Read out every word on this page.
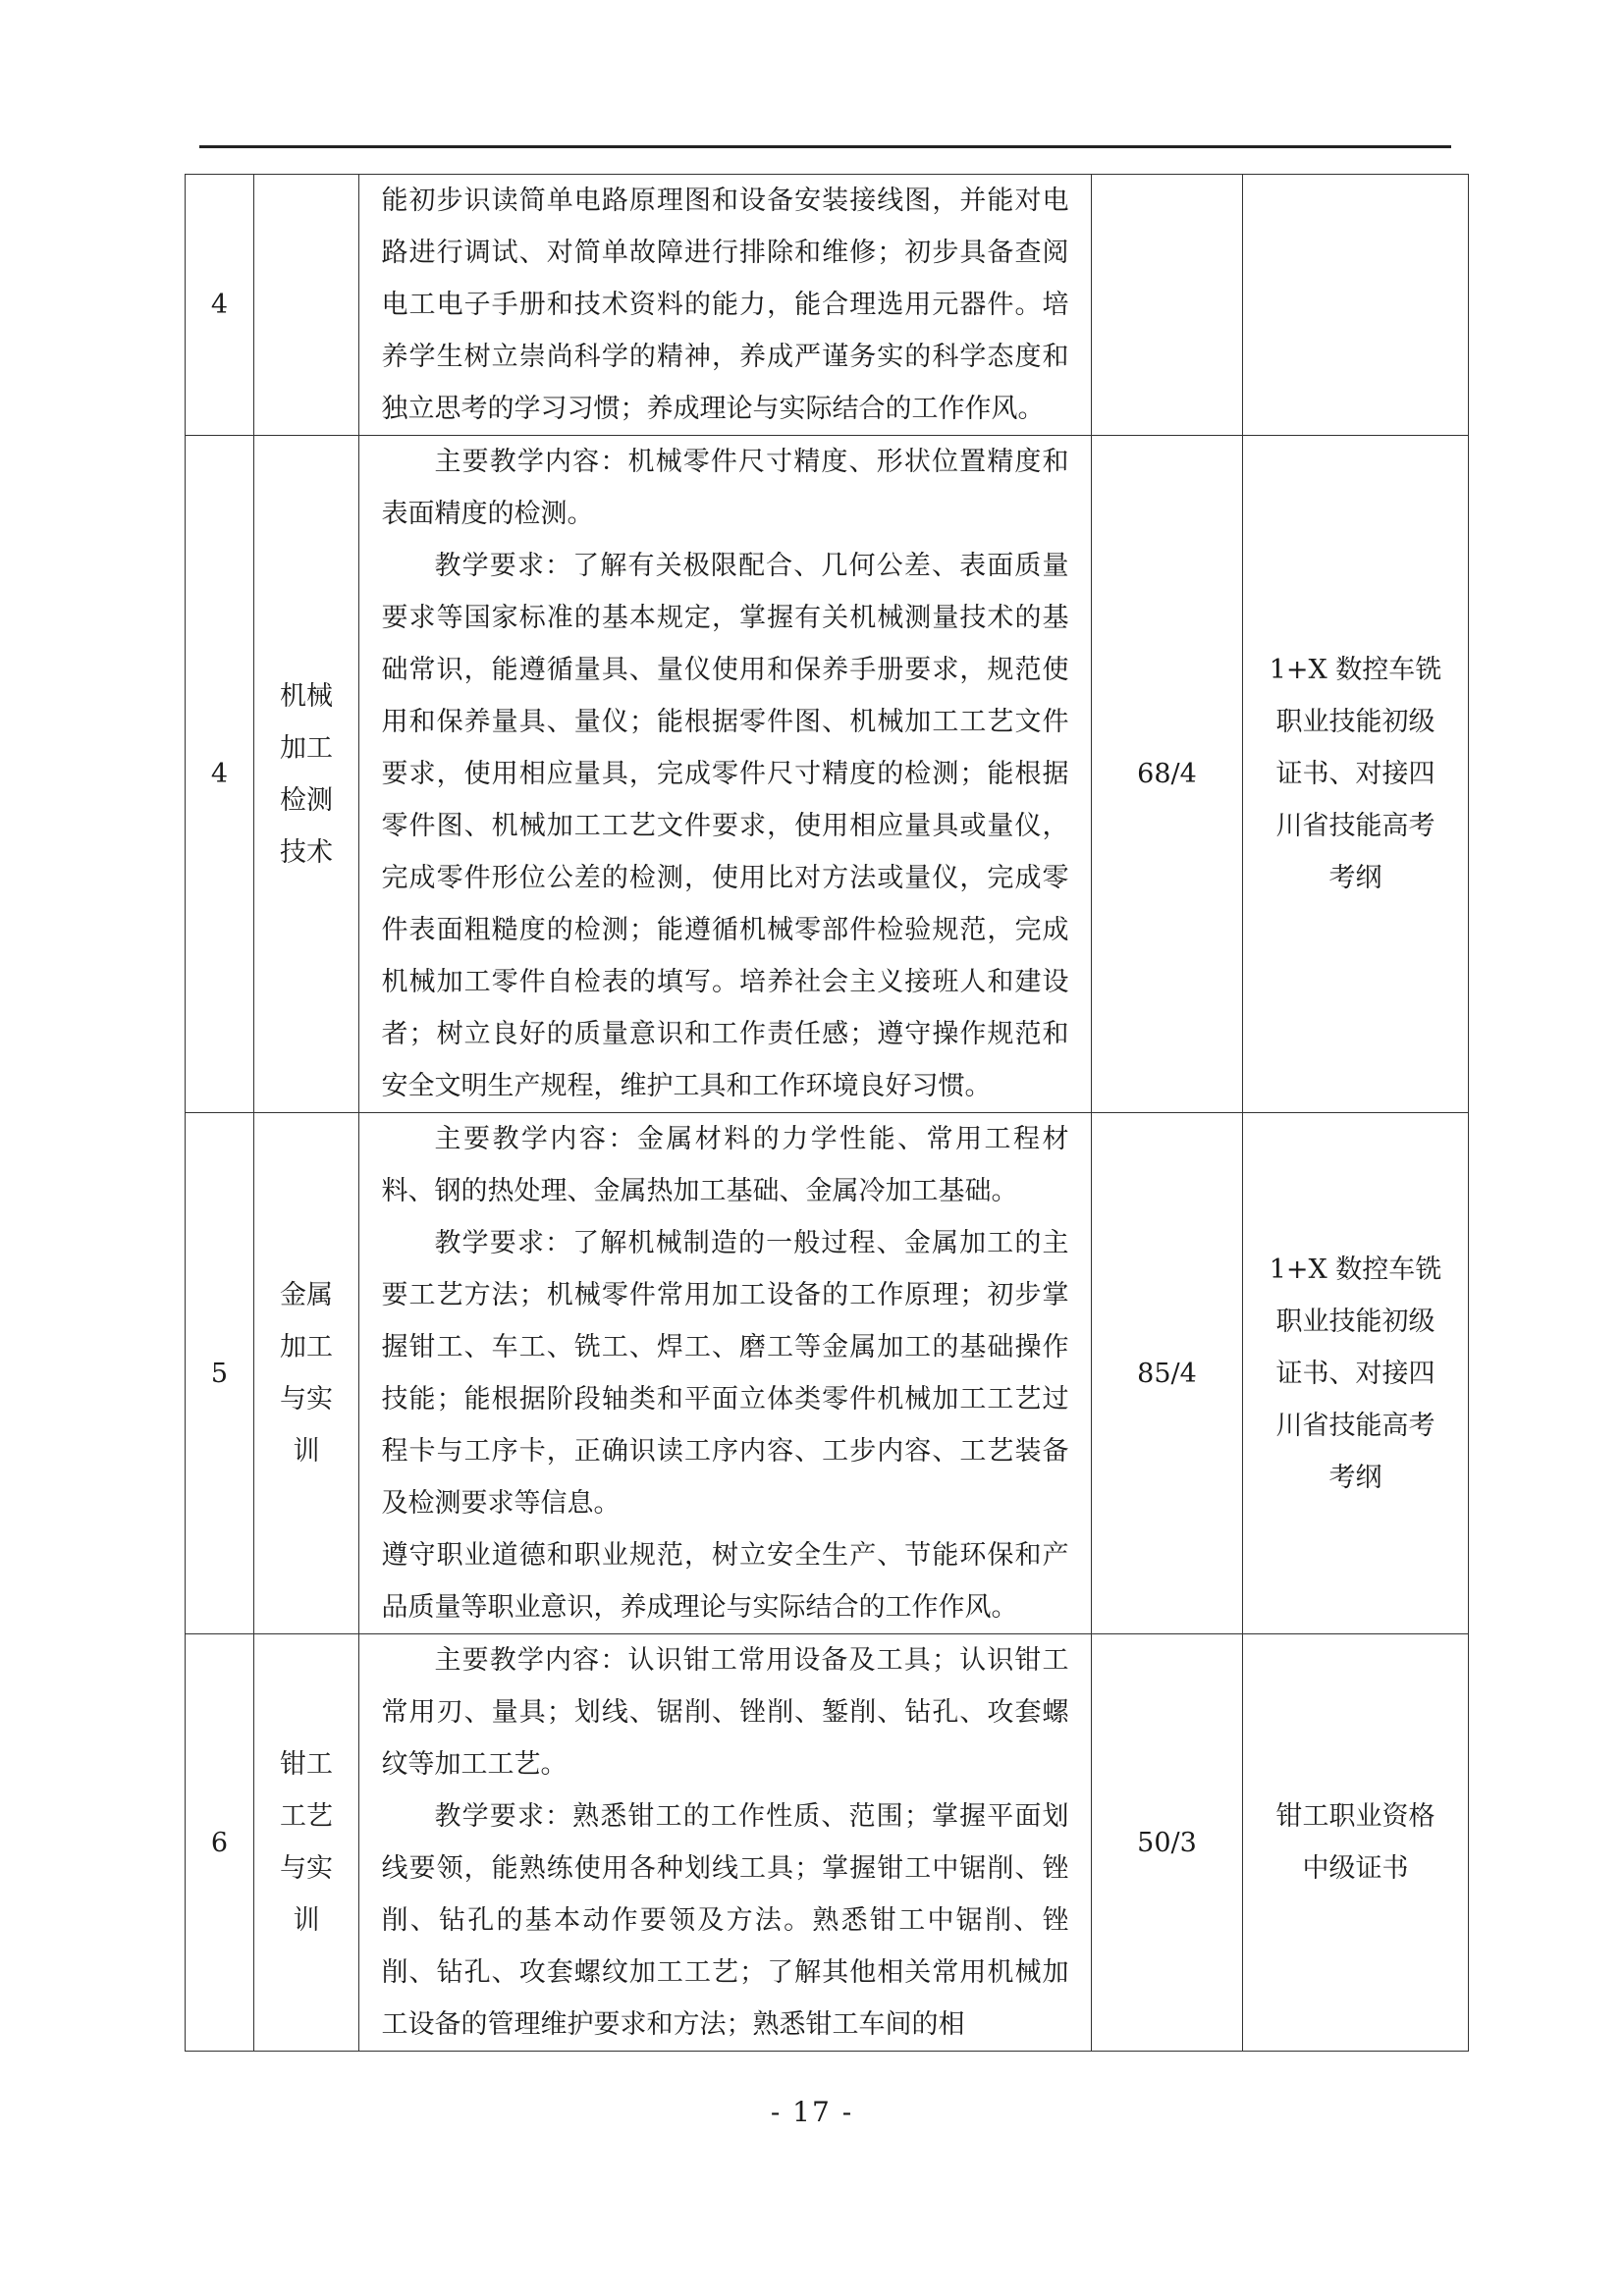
4		能初步识读简单电路原理图和设备安装接线图，并能对电路进行调试、对简单故障进行排除和维修；初步具备查阅电工电子手册和技术资料的能力，能合理选用元器件。培养学生树立崇尚科学的精神，养成严谨务实的科学态度和独立思考的学习习惯；养成理论与实际结合的工作作风。		

4	机械加工检测技术	主要教学内容：机械零件尺寸精度、形状位置精度和表面精度的检测。

教学要求：了解有关极限配合、几何公差、表面质量要求等国家标准的基本规定，掌握有关机械测量技术的基础常识，能遵循量具、量仪使用和保养手册要求，规范使用和保养量具、量仪；能根据零件图、机械加工工艺文件要求，使用相应量具，完成零件尺寸精度的检测；能根据零件图、机械加工工艺文件要求，使用相应量具或量仪，完成零件形位公差的检测，使用比对方法或量仪，完成零件表面粗糙度的检测；能遵循机械零部件检验规范，完成机械加工零件自检表的填写。培养社会主义接班人和建设者；树立良好的质量意识和工作责任感；遵守操作规范和安全文明生产规程，维护工具和工作环境良好习惯。	68/4	1+X 数控车铣职业技能初级证书、对接四川省技能高考考纲
5	金属加工与实训	主要教学内容：金属材料的力学性能、常用工程材料、钢的热处理、金属热加工基础、金属冷加工基础。

教学要求：了解机械制造的一般过程、金属加工的主要工艺方法；机械零件常用加工设备的工作原理；初步掌握钳工、车工、铣工、焊工、磨工等金属加工的基础操作技能；能根据阶段轴类和平面立体类零件机械加工工艺过程卡与工序卡，正确识读工序内容、工步内容、工艺装备及检测要求等信息。

遵守职业道德和职业规范，树立安全生产、节能环保和产品质量等职业意识，养成理论与实际结合的工作作风。	85/4	1+X 数控车铣职业技能初级证书、对接四川省技能高考考纲
6	钳工工艺与实训	主要教学内容：认识钳工常用设备及工具；认识钳工常用刃、量具；划线、锯削、锉削、錾削、钻孔、攻套螺纹等加工工艺。

教学要求：熟悉钳工的工作性质、范围；掌握平面划线要领，能熟练使用各种划线工具；掌握钳工中锯削、锉削、钻孔的基本动作要领及方法。熟悉钳工中锯削、锉削、钻孔、攻套螺纹加工工艺；了解其他相关常用机械加工设备的管理维护要求和方法；熟悉钳工车间的相	50/3	钳工职业资格中级证书
- 17 -
